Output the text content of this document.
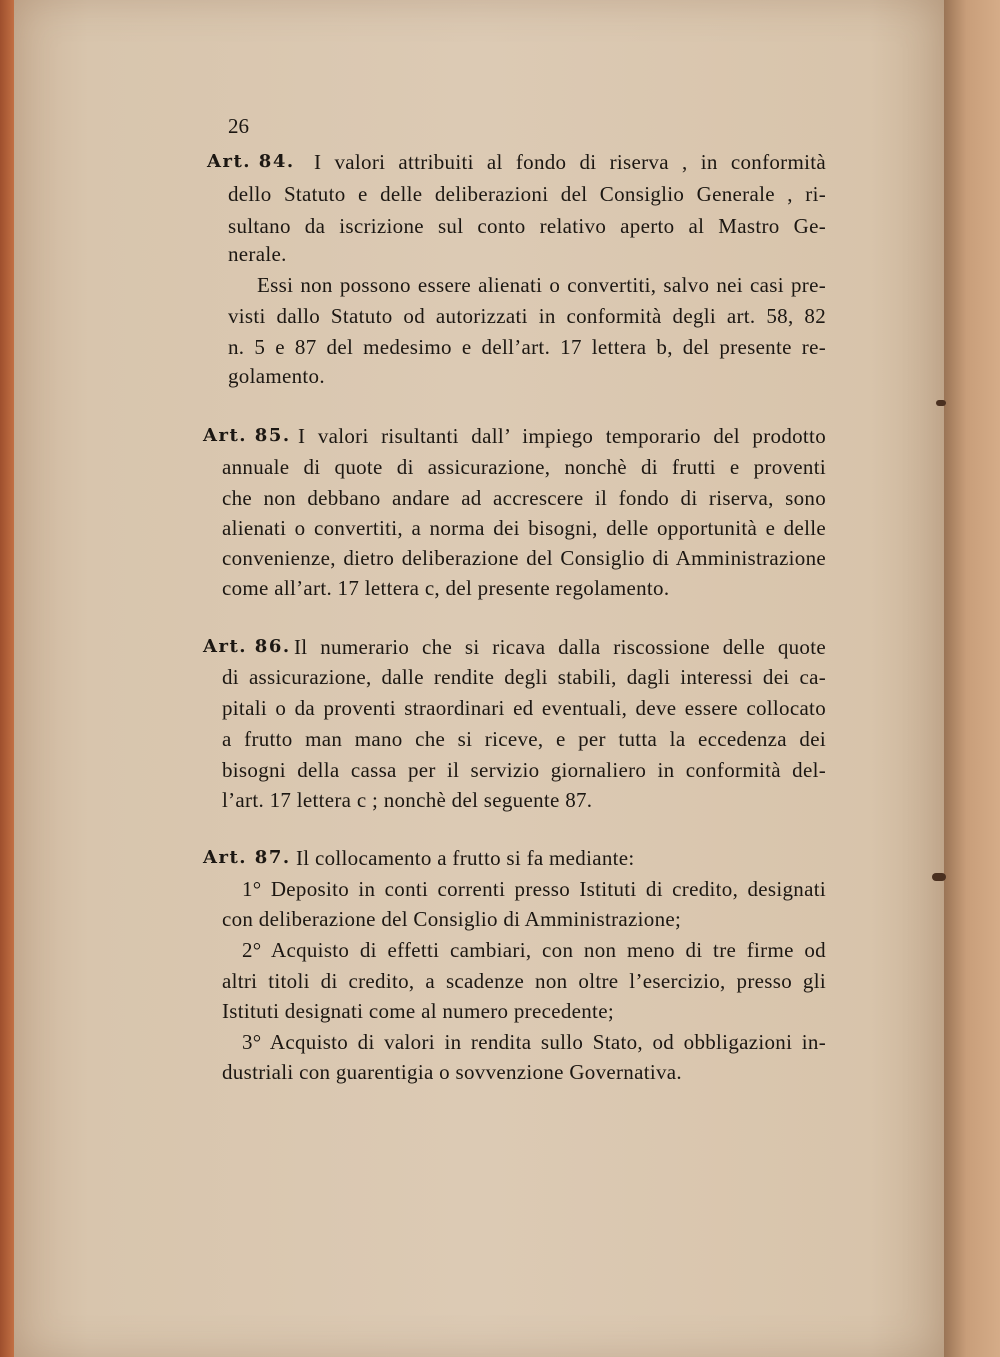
26
Art. 84. I valori attribuiti al fondo di riserva , in conformità
dello Statuto e delle deliberazioni del Consiglio Generale , ri-
sultano da iscrizione sul conto relativo aperto al Mastro Ge-
nerale.
Essi non possono essere alienati o convertiti, salvo nei casi pre-
visti dallo Statuto od autorizzati in conformità degli art. 58, 82
n. 5 e 87 del medesimo e dell’art. 17 lettera b, del presente re-
golamento.
Art. 85. I valori risultanti dall’ impiego temporario del prodotto
annuale di quote di assicurazione, nonchè di frutti e proventi
che non debbano andare ad accrescere il fondo di riserva, sono
alienati o convertiti, a norma dei bisogni, delle opportunità e delle
convenienze, dietro deliberazione del Consiglio di Amministrazione
come all’art. 17 lettera c, del presente regolamento.
Art. 86. Il numerario che si ricava dalla riscossione delle quote
di assicurazione, dalle rendite degli stabili, dagli interessi dei ca-
pitali o da proventi straordinari ed eventuali, deve essere collocato
a frutto man mano che si riceve, e per tutta la eccedenza dei
bisogni della cassa per il servizio giornaliero in conformità del-
l’art. 17 lettera c ; nonchè del seguente 87.
Art. 87. Il collocamento a frutto si fa mediante:
1° Deposito in conti correnti presso Istituti di credito, designati
con deliberazione del Consiglio di Amministrazione;
2° Acquisto di effetti cambiari, con non meno di tre firme od
altri titoli di credito, a scadenze non oltre l’esercizio, presso gli
Istituti designati come al numero precedente;
3° Acquisto di valori in rendita sullo Stato, od obbligazioni in-
dustriali con guarentigia o sovvenzione Governativa.
